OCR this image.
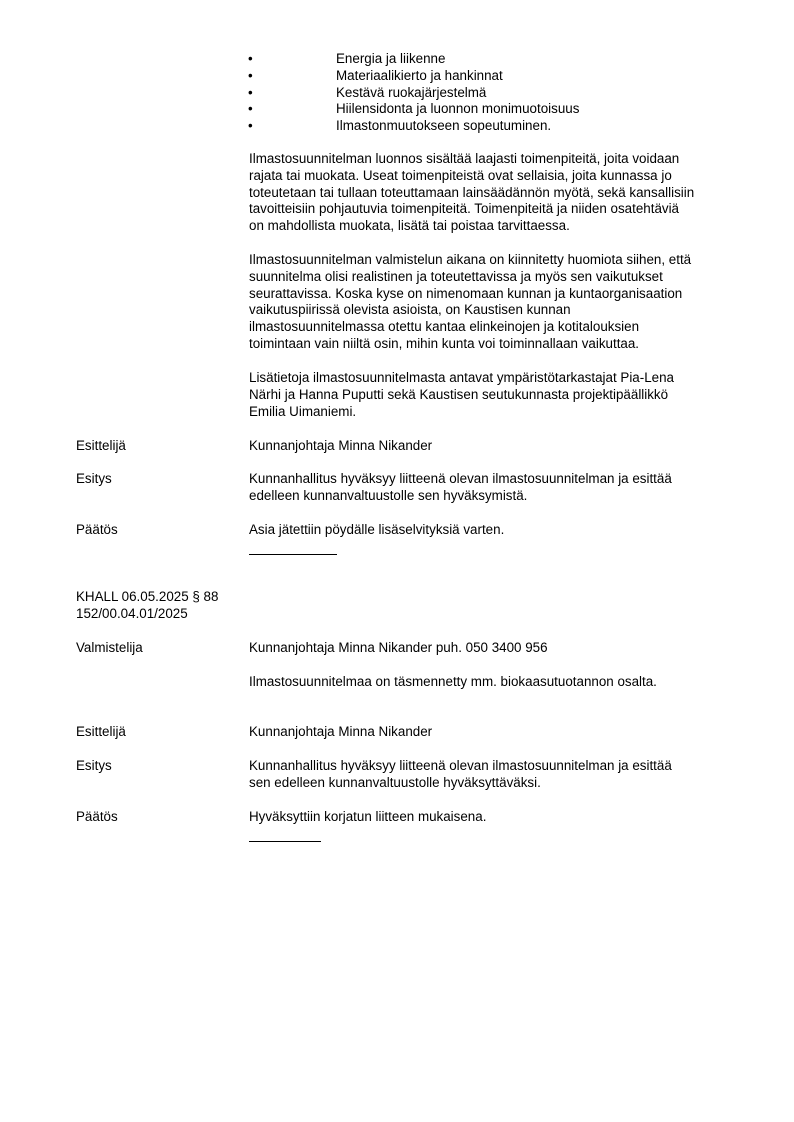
•	Energia ja liikenne
•	Materiaalikierto ja hankinnat
•	Kestävä ruokajärjestelmä
•	Hiilensidonta ja luonnon monimuotoisuus
•	Ilmastonmuutokseen sopeutuminen.

Ilmastosuunnitelman luonnos sisältää laajasti toimenpiteitä, joita voidaan

rajata tai muokata. Useat toimenpiteistä ovat sellaisia, joita kunnassa jo

toteutetaan tai tullaan toteuttamaan lainsäädännön myötä, sekä kansallisiin

tavoitteisiin pohjautuvia toimenpiteitä. Toimenpiteitä ja niiden osatehtäviä

on mahdollista muokata, lisätä tai poistaa tarvittaessa.

Ilmastosuunnitelman valmistelun aikana on kiinnitetty huomiota siihen, että

suunnitelma olisi realistinen ja toteutettavissa ja myös sen vaikutukset

seurattavissa. Koska kyse on nimenomaan kunnan ja kuntaorganisaation

vaikutuspiirissä olevista asioista, on Kaustisen kunnan

ilmastosuunnitelmassa otettu kantaa elinkeinojen ja kotitalouksien

toimintaan vain niiltä osin, mihin kunta voi toiminnallaan vaikuttaa.

Lisätietoja ilmastosuunnitelmasta antavat ympäristötarkastajat Pia-Lena

Närhi ja Hanna Puputti sekä Kaustisen seutukunnasta projektipäällikkö

Emilia Uimaniemi.

Esittelijä	Kunnanjohtaja Minna Nikander
Esitys	Kunnanhallitus hyväksyy liitteenä olevan ilmastosuunnitelman ja esittää
edelleen kunnanvaltuustolle sen hyväksymistä.
Päätös	Asia jätettiin pöydälle lisäselvityksiä varten.
KHALL 06.05.2025 § 88
152/00.04.01/2025
Valmistelija	Kunnanjohtaja Minna Nikander puh. 050 3400 956
Ilmastosuunnitelmaa on täsmennetty mm. biokaasutuotannon osalta.
Esittelijä	Kunnanjohtaja Minna Nikander
Esitys	Kunnanhallitus hyväksyy liitteenä olevan ilmastosuunnitelman ja esittää
sen edelleen kunnanvaltuustolle hyväksyttäväksi.
Päätös	Hyväksyttiin korjatun liitteen mukaisena.
